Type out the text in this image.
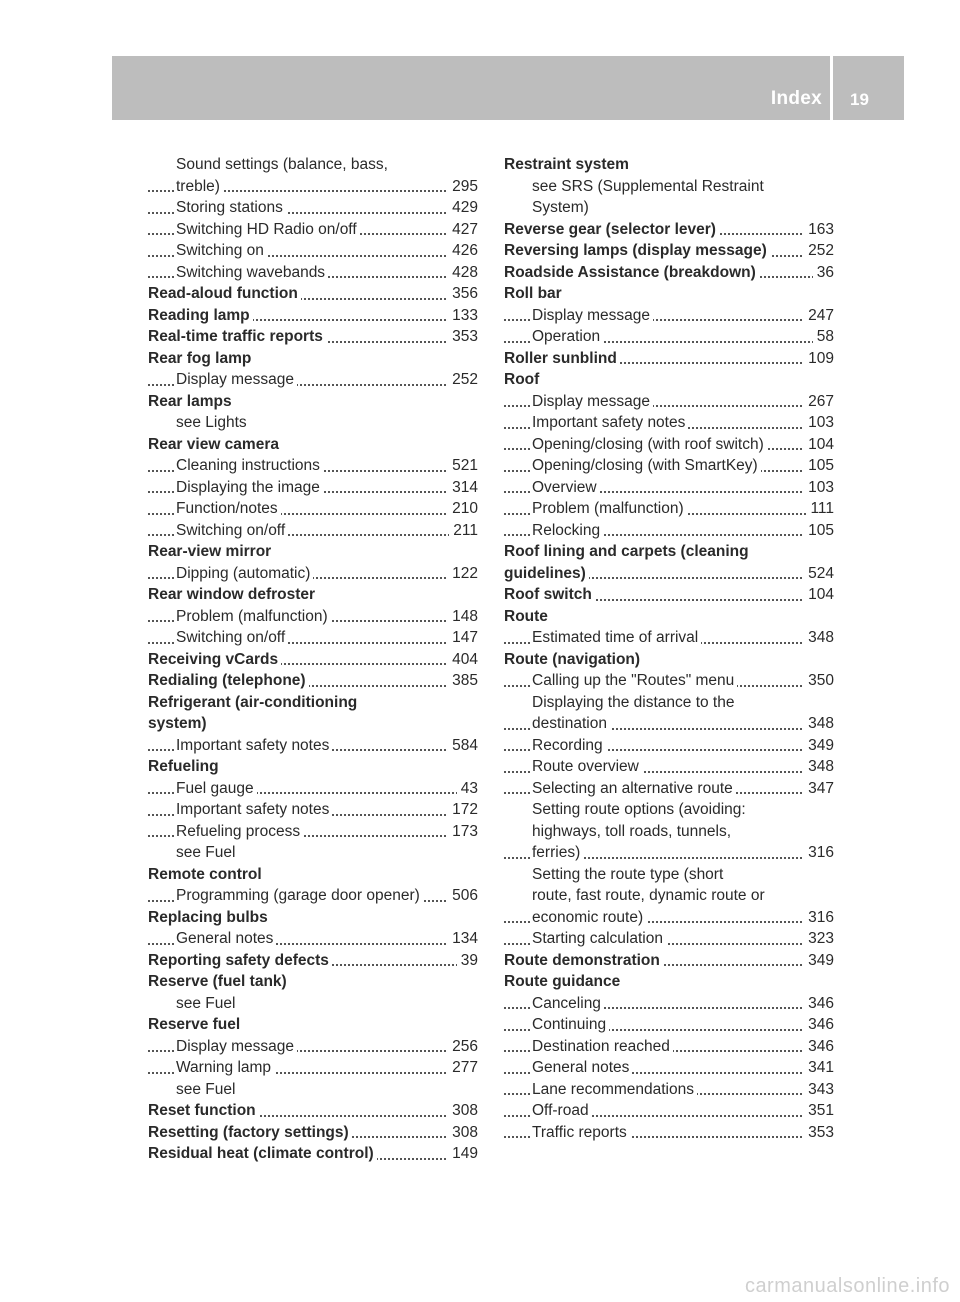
Index 19
Sound settings (balance, bass,
treble)	295
Storing stations	429
Switching HD Radio on/off	427
Switching on	426
Switching wavebands	428
Read-aloud function	356
Reading lamp	133
Real-time traffic reports	353
Rear fog lamp
Display message	252
Rear lamps
see Lights
Rear view camera
Cleaning instructions	521
Displaying the image	314
Function/notes	210
Switching on/off	211
Rear-view mirror
Dipping (automatic)	122
Rear window defroster
Problem (malfunction)	148
Switching on/off	147
Receiving vCards	404
Redialing (telephone)	385
Refrigerant (air-conditioning
system)
Important safety notes	584
Refueling
Fuel gauge	43
Important safety notes	172
Refueling process	173
see Fuel
Remote control
Programming (garage door opener) 506
Replacing bulbs
General notes	134
Reporting safety defects	39
Reserve (fuel tank)
see Fuel
Reserve fuel
Display message	256
Warning lamp	277
see Fuel
Reset function	308
Resetting (factory settings)	308
Residual heat (climate control)	149
Restraint system
see SRS (Supplemental Restraint
System)
Reverse gear (selector lever)	163
Reversing lamps (display message)	252
Roadside Assistance (breakdown)	36
Roll bar
Display message	247
Operation	58
Roller sunblind	109
Roof
Display message	267
Important safety notes	103
Opening/closing (with roof switch)	104
Opening/closing (with SmartKey)	105
Overview	103
Problem (malfunction)	111
Relocking	105
Roof lining and carpets (cleaning
guidelines)	524
Roof switch	104
Route
Estimated time of arrival	348
Route (navigation)
Calling up the "Routes" menu	350
Displaying the distance to the
destination	348
Recording	349
Route overview	348
Selecting an alternative route	347
Setting route options (avoiding:
highways, toll roads, tunnels,
ferries)	316
Setting the route type (short
route, fast route, dynamic route or
economic route)	316
Starting calculation	323
Route demonstration	349
Route guidance
Canceling	346
Continuing	346
Destination reached	346
General notes	341
Lane recommendations	343
Off-road	351
Traffic reports	353
carmanualsonline.info
